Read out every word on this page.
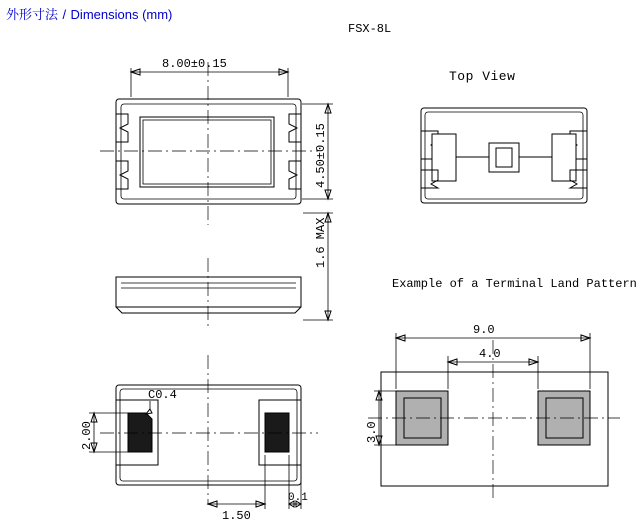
外形寸法 / Dimensions (mm)
FSX-8L
Top View
Example of a Terminal Land Pattern
8.00±0.15
4.50±0.15
1.6 MAX
C0.4
2.00
1.50
0.1
9.0
4.0
3.0
